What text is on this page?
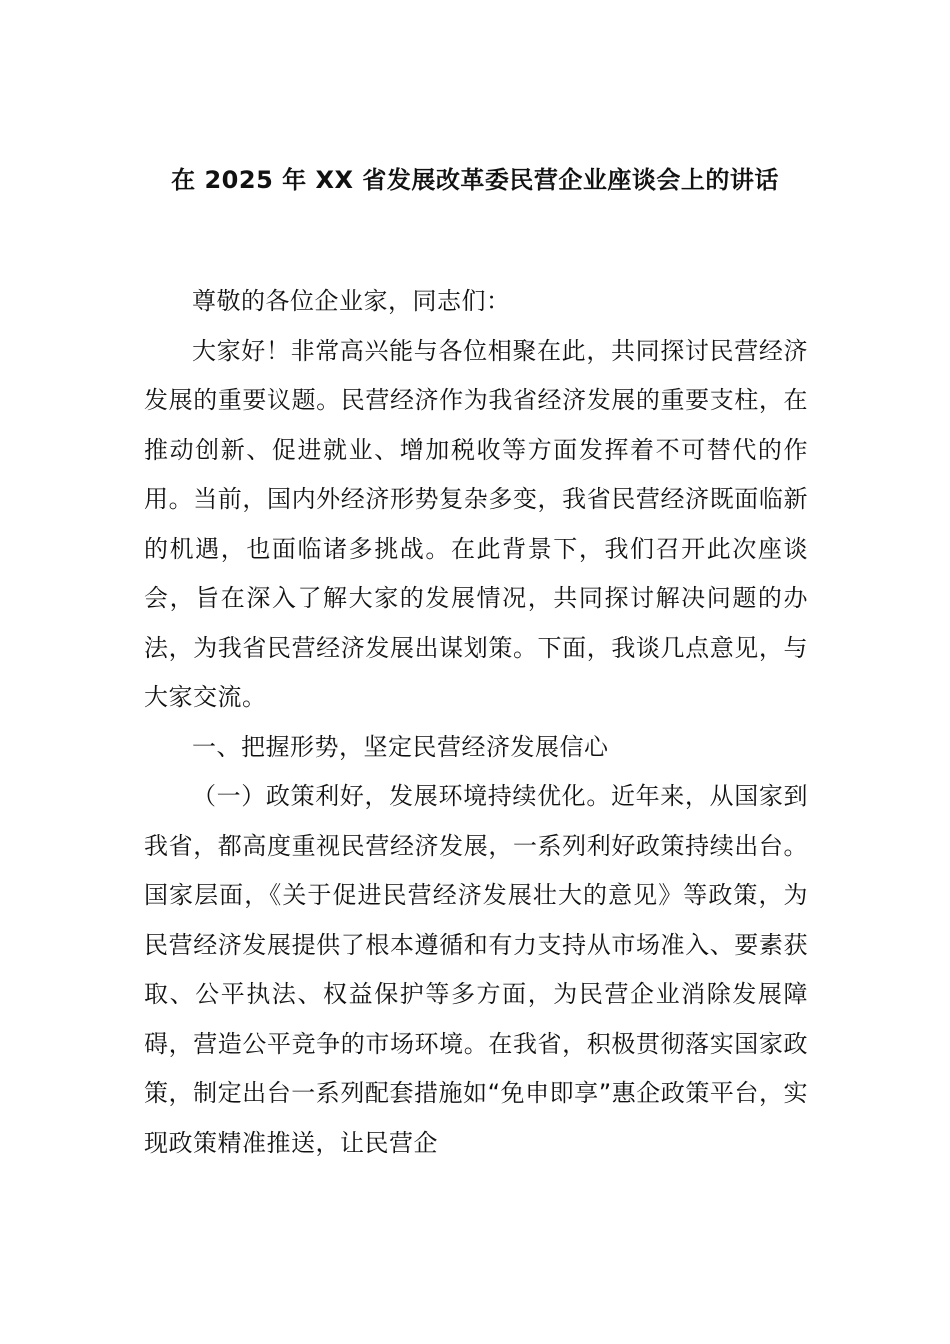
在 2025 年 XX 省发展改革委民营企业座谈会上的讲话

尊敬的各位企业家，同志们：

大家好！非常高兴能与各位相聚在此，共同探讨民营经济发展的重要议题。民营经济作为我省经济发展的重要支柱，在推动创新、促进就业、增加税收等方面发挥着不可替代的作用。当前，国内外经济形势复杂多变，我省民营经济既面临新的机遇，也面临诸多挑战。在此背景下，我们召开此次座谈会，旨在深入了解大家的发展情况，共同探讨解决问题的办法，为我省民营经济发展出谋划策。下面，我谈几点意见，与大家交流。

一、把握形势，坚定民营经济发展信心

（一）政策利好，发展环境持续优化。近年来，从国家到我省，都高度重视民营经济发展，一系列利好政策持续出台。国家层面，《关于促进民营经济发展壮大的意见》等政策，为民营经济发展提供了根本遵循和有力支持从市场准入、要素获取、公平执法、权益保护等多方面，为民营企业消除发展障碍，营造公平竞争的市场环境。在我省，积极贯彻落实国家政策，制定出台一系列配套措施如“免申即享”惠企政策平台，实现政策精准推送，让民营企
